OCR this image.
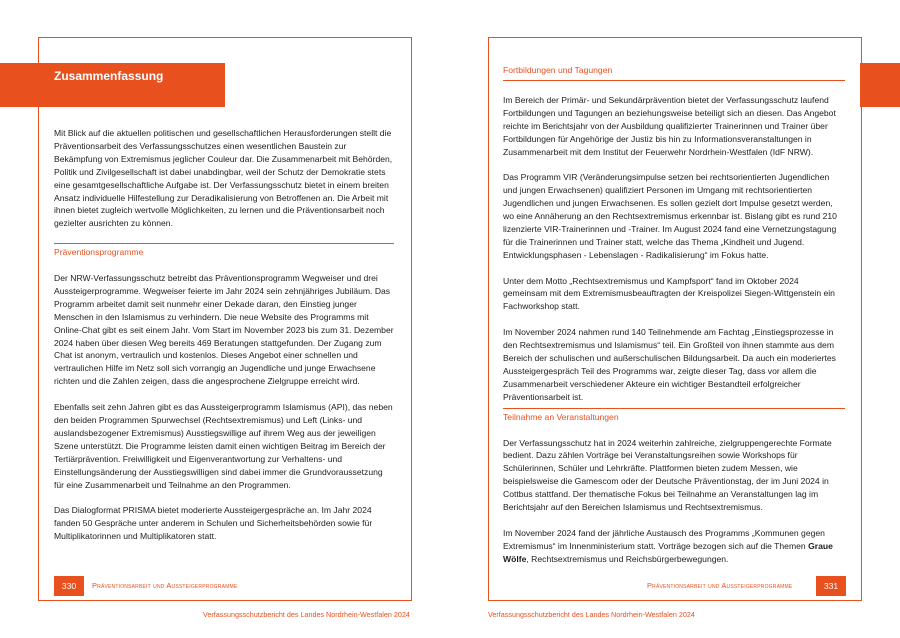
Zusammenfassung

Mit Blick auf die aktuellen politischen und gesellschaftlichen Herausforderungen stellt die Präventionsarbeit des Verfassungsschutzes einen wesentlichen Baustein zur Bekämpfung von Extremismus jeglicher Couleur dar. Die Zusammenarbeit mit Behörden, Politik und Zivilgesellschaft ist dabei unabdingbar, weil der Schutz der Demokratie stets eine gesamtgesellschaftliche Aufgabe ist. Der Verfassungsschutz bietet in einem breiten Ansatz individuelle Hilfestellung zur Deradikalisierung von Betroffenen an. Die Arbeit mit ihnen bietet zugleich wertvolle Möglichkeiten, zu lernen und die Präventionsarbeit noch gezielter ausrichten zu können.

Präventionsprogramme

Der NRW-Verfassungsschutz betreibt das Präventionsprogramm Wegweiser und drei Aussteigerprogramme. Wegweiser feierte im Jahr 2024 sein zehnjähriges Jubiläum. Das Programm arbeitet damit seit nunmehr einer Dekade daran, den Einstieg junger Menschen in den Islamismus zu verhindern. Die neue Website des Programms mit Online-Chat gibt es seit einem Jahr. Vom Start im November 2023 bis zum 31. Dezember 2024 haben über diesen Weg bereits 469 Beratungen stattgefunden. Der Zugang zum Chat ist anonym, vertraulich und kostenlos. Dieses Angebot einer schnellen und vertraulichen Hilfe im Netz soll sich vorrangig an Jugendliche und junge Erwachsene richten und die Zahlen zeigen, dass die angesprochene Zielgruppe erreicht wird.

Ebenfalls seit zehn Jahren gibt es das Aussteigerprogramm Islamismus (API), das neben den beiden Programmen Spurwechsel (Rechtsextremismus) und Left (Links- und auslandsbezogener Extremismus) Ausstiegswillige auf ihrem Weg aus der jeweiligen Szene unterstützt. Die Programme leisten damit einen wichtigen Beitrag im Bereich der Tertiärprävention. Freiwilligkeit und Eigenverantwortung zur Verhaltens- und Einstellungsänderung der Ausstiegswilligen sind dabei immer die Grundvoraussetzung für eine Zusammenarbeit und Teilnahme an den Programmen.

Das Dialogformat PRISMA bietet moderierte Aussteigergespräche an. Im Jahr 2024 fanden 50 Gespräche unter anderem in Schulen und Sicherheitsbehörden sowie für Multiplikatorinnen und Multiplikatoren statt.

Fortbildungen und Tagungen

Im Bereich der Primär- und Sekundärprävention bietet der Verfassungsschutz laufend Fortbildungen und Tagungen an beziehungsweise beteiligt sich an diesen. Das Angebot reichte im Berichtsjahr von der Ausbildung qualifizierter Trainerinnen und Trainer über Fortbildungen für Angehörige der Justiz bis hin zu Informationsveranstaltungen in Zusammenarbeit mit dem Institut der Feuerwehr Nordrhein-Westfalen (IdF NRW).

Das Programm VIR (Veränderungsimpulse setzen bei rechtsorientierten Jugendlichen und jungen Erwachsenen) qualifiziert Personen im Umgang mit rechtsorientierten Jugendlichen und jungen Erwachsenen. Es sollen gezielt dort Impulse gesetzt werden, wo eine Annäherung an den Rechtsextremismus erkennbar ist. Bislang gibt es rund 210 lizenzierte VIR-Trainerinnen und -Trainer. Im August 2024 fand eine Vernetzungstagung für die Trainerinnen und Trainer statt, welche das Thema „Kindheit und Jugend. Entwicklungsphasen - Lebenslagen - Radikalisierung“ im Fokus hatte.

Unter dem Motto „Rechtsextremismus und Kampfsport“ fand im Oktober 2024 gemeinsam mit dem Extremismusbeauftragten der Kreispolizei Siegen-Wittgenstein ein Fachworkshop statt.

Im November 2024 nahmen rund 140 Teilnehmende am Fachtag „Einstiegsprozesse in den Rechtsextremismus und Islamismus“ teil. Ein Großteil von ihnen stammte aus dem Bereich der schulischen und außerschulischen Bildungsarbeit. Da auch ein moderiertes Aussteigergespräch Teil des Programms war, zeigte dieser Tag, dass vor allem die Zusammenarbeit verschiedener Akteure ein wichtiger Bestandteil erfolgreicher Präventionsarbeit ist.

Teilnahme an Veranstaltungen

Der Verfassungsschutz hat in 2024 weiterhin zahlreiche, zielgruppengerechte Formate bedient. Dazu zählen Vorträge bei Veranstaltungsreihen sowie Workshops für Schülerinnen, Schüler und Lehrkräfte. Plattformen bieten zudem Messen, wie beispielsweise die Gamescom oder der Deutsche Präventionstag, der im Juni 2024 in Cottbus stattfand. Der thematische Fokus bei Teilnahme an Veranstaltungen lag im Berichtsjahr auf den Bereichen Islamismus und Rechtsextremismus.

Im November 2024 fand der jährliche Austausch des Programms „Kommunen gegen Extremismus“ im Innenministerium statt. Vorträge bezogen sich auf die Themen Graue Wölfe, Rechtsextremismus und Reichsbürgerbewegungen.

330	Präventionsarbeit und Aussteigerprogramme	Präventionsarbeit und Aussteigerprogramme	331
Verfassungsschutzbericht des Landes Nordrhein-Westfalen 2024	Verfassungsschutzbericht des Landes Nordrhein-Westfalen 2024
